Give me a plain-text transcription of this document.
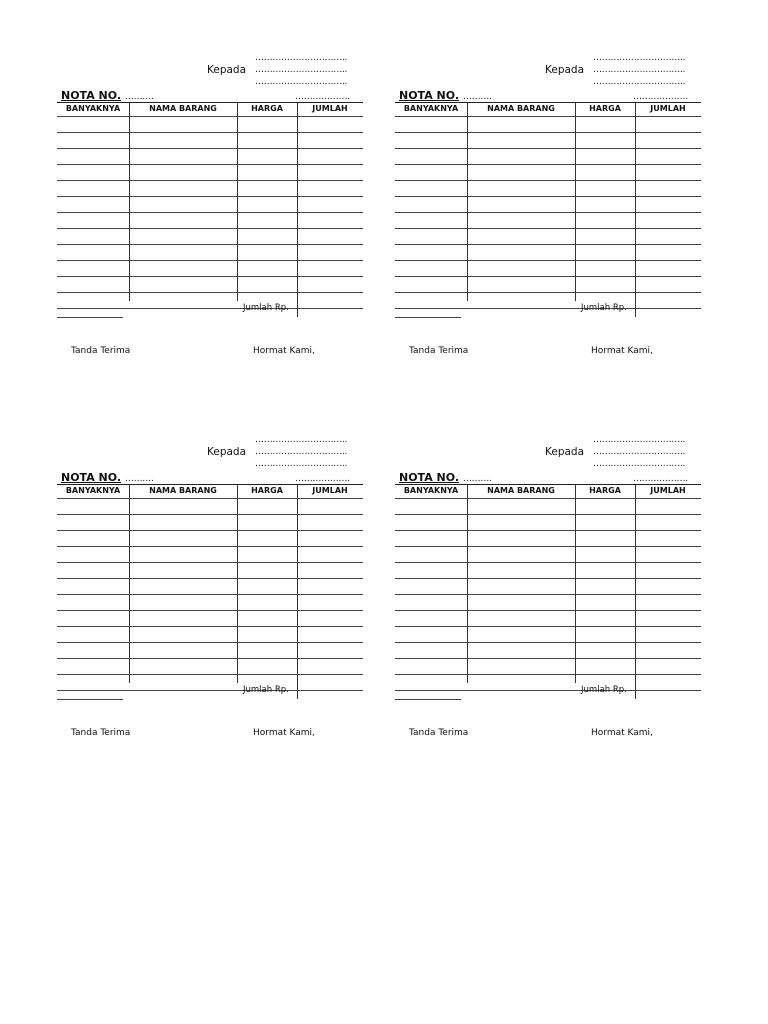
…………………………..
Kepada …………………………..
…………………………..
NOTA NO. ……….	……………….
BANYAKNYA	NAMA BARANG	HARGA	JUMLAH
Jumlah Rp.
Tanda Terima	Hormat Kami,
…………………………..
Kepada …………………………..
…………………………..
NOTA NO. ……….	……………….
BANYAKNYA	NAMA BARANG	HARGA	JUMLAH
Jumlah Rp.
Tanda Terima	Hormat Kami,
…………………………..
Kepada …………………………..
…………………………..
NOTA NO. ……….	……………….
BANYAKNYA	NAMA BARANG	HARGA	JUMLAH
Jumlah Rp.
Tanda Terima	Hormat Kami,
…………………………..
Kepada …………………………..
…………………………..
NOTA NO. ……….	……………….
BANYAKNYA	NAMA BARANG	HARGA	JUMLAH
Jumlah Rp.
Tanda Terima	Hormat Kami,
